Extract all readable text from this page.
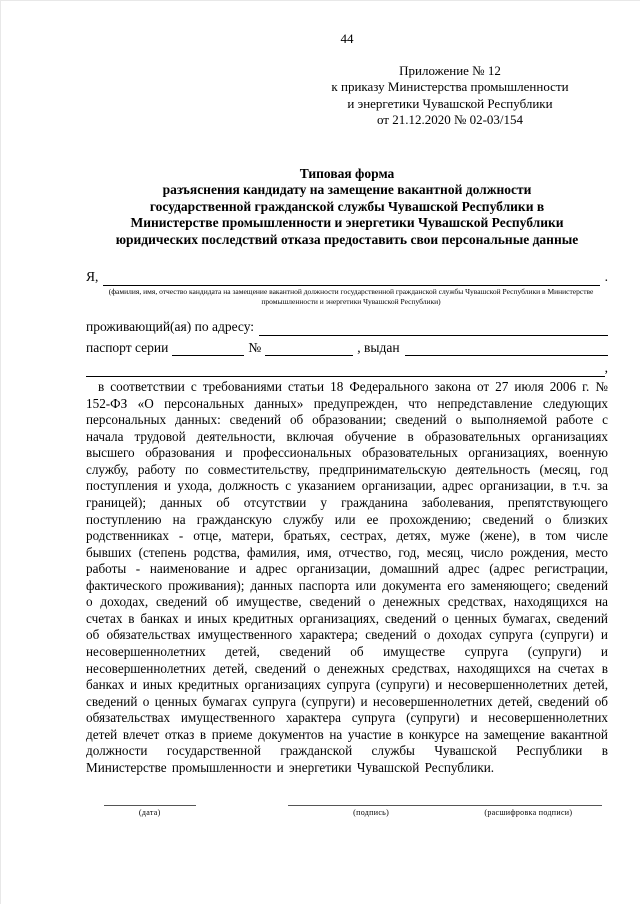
44
Приложение № 12
к приказу Министерства промышленности
и энергетики Чувашской Республики
от 21.12.2020 № 02-03/154
Типовая форма
разъяснения кандидату на замещение вакантной должности
государственной гражданской службы Чувашской Республики в
Министерстве промышленности и энергетики Чувашской Республики
юридических последствий отказа предоставить свои персональные данные
Я,	.
(фамилия, имя, отчество кандидата на замещение вакантной должности государственной гражданской службы Чувашской Республики в Министерстве промышленности и энергетики Чувашской Республики)
проживающий(ая) по адресу:
паспорт серии	№	, выдан
,
в соответствии с требованиями статьи 18 Федерального закона от 27 июля 2006 г. № 152-ФЗ «О персональных данных» предупрежден, что непредставление следующих персональных данных: сведений об образовании; сведений о выполняемой работе с начала трудовой деятельности, включая обучение в образовательных организациях высшего образования и профессиональных образовательных организациях, военную службу, работу по совместительству, предпринимательскую деятельность (месяц, год поступления и ухода, должность с указанием организации, адрес организации, в т.ч. за границей); данных об отсутствии у гражданина заболевания, препятствующего поступлению на гражданскую службу или ее прохождению; сведений о близких родственниках - отце, матери, братьях, сестрах, детях, муже (жене), в том числе бывших (степень родства, фамилия, имя, отчество, год, месяц, число рождения, место работы - наименование и адрес организации, домашний адрес (адрес регистрации, фактического проживания); данных паспорта или документа его заменяющего; сведений о доходах, сведений об имуществе, сведений о денежных средствах, находящихся на счетах в банках и иных кредитных организациях, сведений о ценных бумагах, сведений об обязательствах имущественного характера; сведений о доходах супруга (супруги) и несовершеннолетних детей, сведений об имуществе супруга (супруги) и несовершеннолетних детей, сведений о денежных средствах, находящихся на счетах в банках и иных кредитных организациях супруга (супруги) и несовершеннолетних детей, сведений о ценных бумагах супруга (супруги) и несовершеннолетних детей, сведений об обязательствах имущественного характера супруга (супруги) и несовершеннолетних детей влечет отказ в приеме документов на участие в конкурсе на замещение вакантной должности государственной гражданской службы Чувашской Республики в Министерстве промышленности и энергетики Чувашской Республики.
(дата)	(подпись)	(расшифровка подписи)
